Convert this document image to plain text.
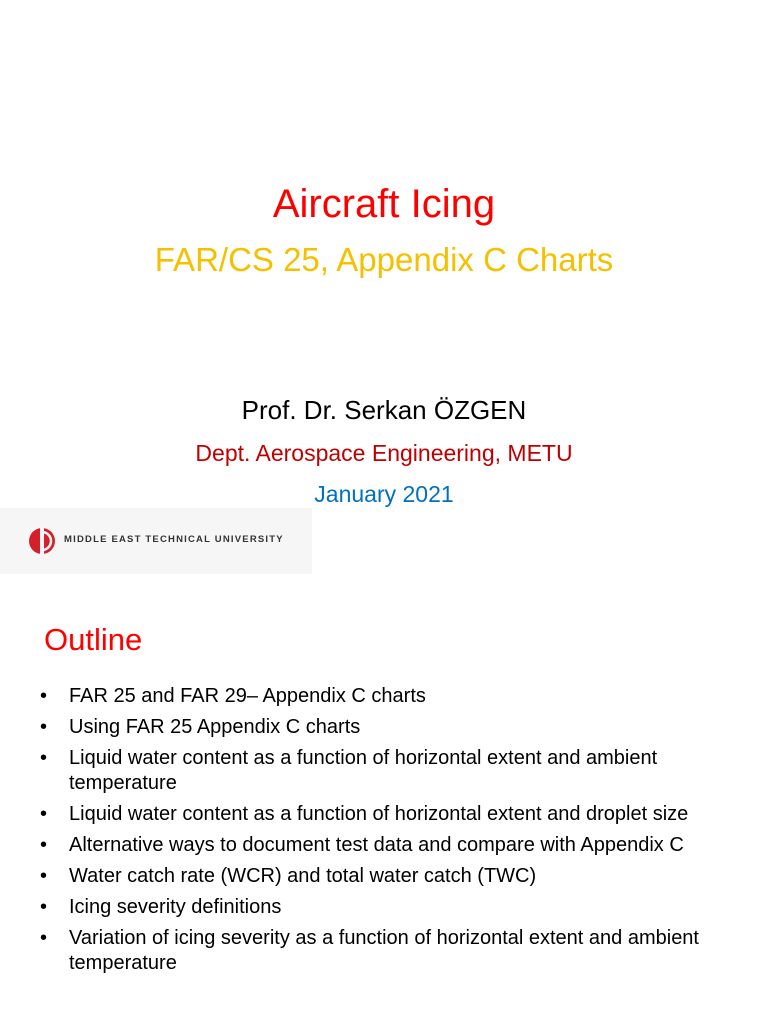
Aircraft Icing
FAR/CS 25, Appendix C Charts
Prof. Dr. Serkan ÖZGEN
Dept. Aerospace Engineering, METU
January 2021
MIDDLE EAST TECHNICAL UNIVERSITY
Outline
•	FAR 25 and FAR 29– Appendix C charts
•	Using FAR 25 Appendix C charts
•	Liquid water content as a function of horizontal extent and ambient temperature
•	Liquid water content as a function of horizontal extent and droplet size
•	Alternative ways to document test data and compare with Appendix C
•	Water catch rate (WCR) and total water catch (TWC)
•	Icing severity definitions
•	Variation of icing severity as a function of horizontal extent and ambient temperature
